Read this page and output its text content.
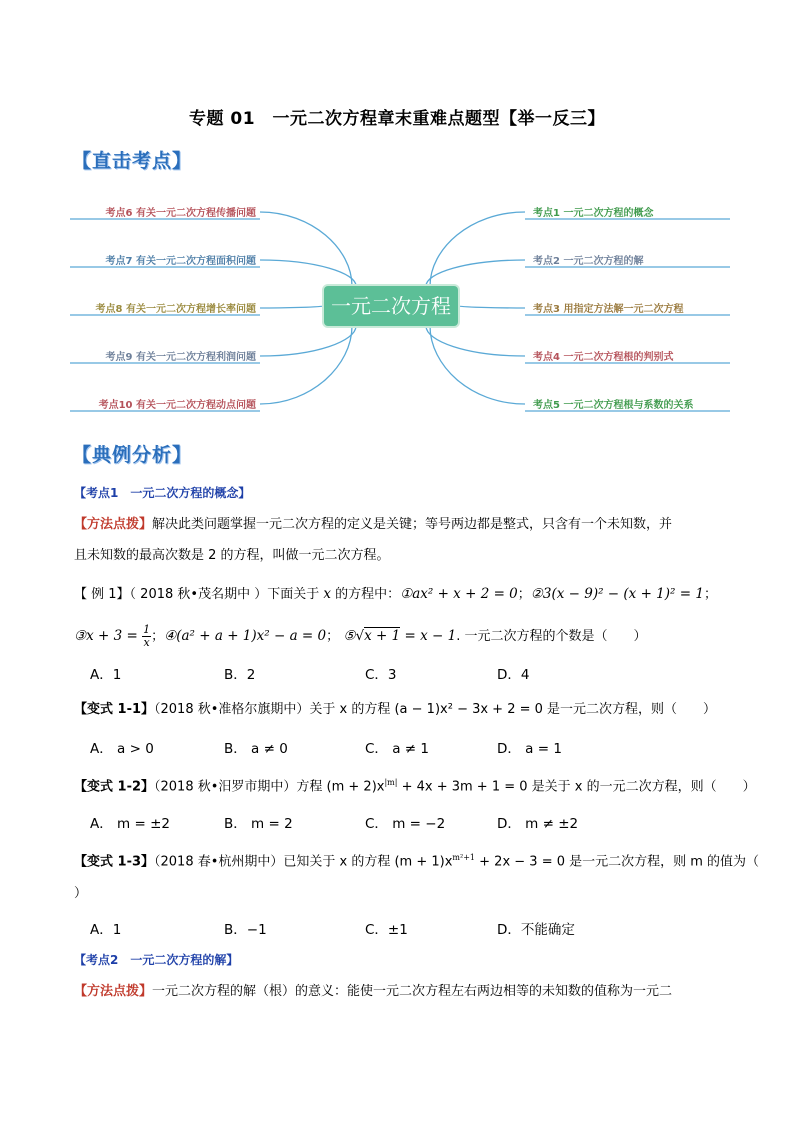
专题 01　一元二次方程章末重难点题型【举一反三】
【直击考点】
一元二次方程
考点6 有关一元二次方程传播问题
考点7 有关一元二次方程面积问题
考点8 有关一元二次方程增长率问题
考点9 有关一元二次方程利润问题
考点10 有关一元二次方程动点问题
考点1 一元二次方程的概念
考点2 一元二次方程的解
考点3 用指定方法解一元二次方程
考点4 一元二次方程根的判别式
考点5 一元二次方程根与系数的关系
【典例分析】
【考点1　一元二次方程的概念】
【方法点拨】解决此类问题掌握一元二次方程的定义是关键；等号两边都是整式，只含有一个未知数，并
且未知数的最高次数是 2 的方程，叫做一元二次方程。
【 例 1】（ 2018 秋•茂名期中 ）下面关于 x 的方程中：①ax² + x + 2 = 0；②3(x − 9)² − (x + 1)² = 1；
③x + $3 = \frac{1}{x}$ ；④(a² + a + 1)x² − a = 0； ⑤√x + 1 = x − 1. 一元二次方程的个数是（　　）
A．1	B．2	C．3	D．4
【变式 1-1】（2018 秋•准格尔旗期中）关于 x 的方程 (a − 1)x² − 3x + 2 = 0 是一元二次方程，则（　　）
A． a > 0	B． a ≠ 0	C． a ≠ 1	D． a = 1
【变式 1-2】（2018 秋•汨罗市期中）方程 $(m + 2)x^{|m|} + 4x + 3m + 1 = 0$ 是关于 x 的一元二次方程，则（　　）
A． m = ±2	B． m = 2	C． m = −2	D． m ≠ ±2
【变式 1-3】（2018 春•杭州期中）已知关于 x 的方程 $(m + 1)x^{m^2+1} + 2x - 3 = 0$ 是一元二次方程，则 m 的值为（
）
A．1	B．−1	C．±1	D．不能确定
【考点2　一元二次方程的解】
【方法点拨】一元二次方程的解（根）的意义：能使一元二次方程左右两边相等的未知数的值称为一元二
